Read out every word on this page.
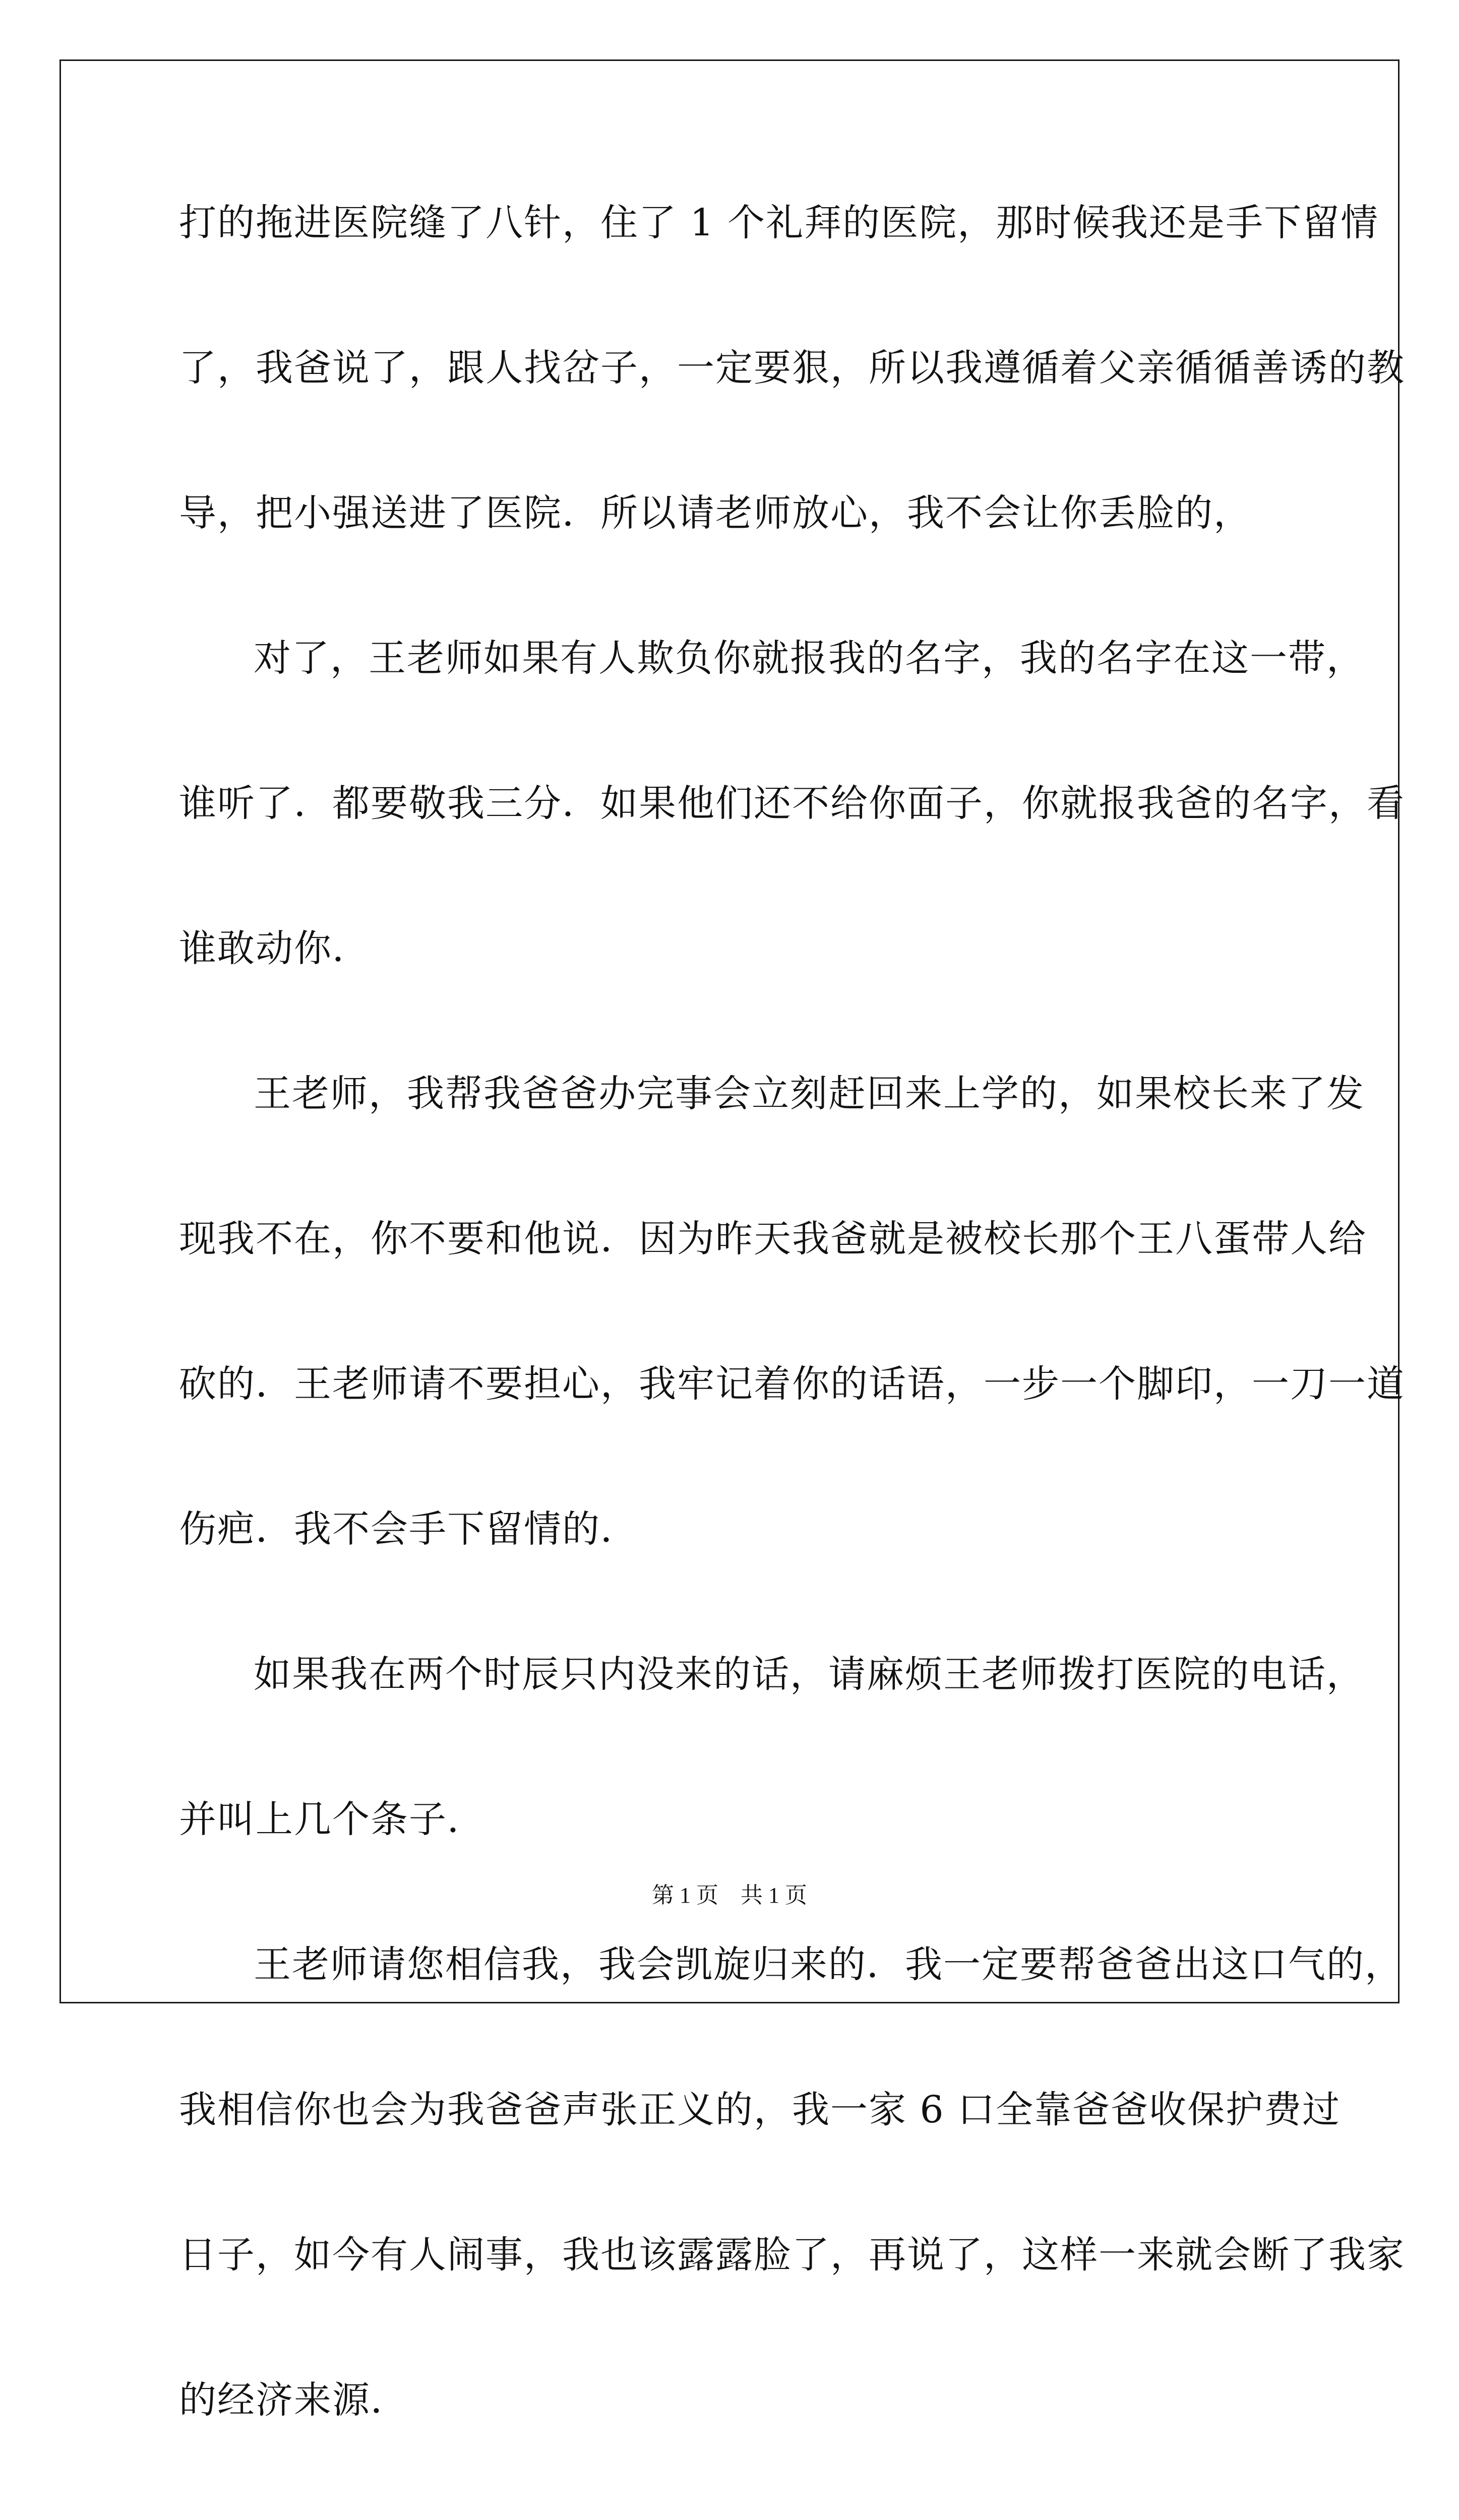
打的拖进医院缝了八针，住了 1 个礼拜的医院，那时候我还是手下留情
了，我爸说了，跟人找岔子，一定要狠，所以我遵循着父亲循循善诱的教
导，把小强送进了医院．所以请老师放心，我不会让你丢脸的，
对了，王老师如果有人欺负你就报我的名字，我的名字在这一带，
谁听了．都要敬我三分．如果他们还不给你面子，你就报我爸的名字，看
谁敢动你．
王老师，我帮我爸爸办完事会立刻赶回来上学的，如果校长来了发
现我不在，你不要和他说．因为昨天我爸就是被校长那个王八蛋带人给
砍的．王老师请不要担心，我牢记着你的话语，一步一个脚印，一刀一道
伤疤．我不会手下留情的．
如果我在两个时辰只内没来的话，请麻烦王老师拨打医院的电话，
并叫上几个条子．
王老师请您相信我，我会凯旋归来的．我一定要帮爸爸出这口气的，
我相信你也会为我爸爸声张正义的，我一家 6 口全靠爸爸收保护费过
日子，如今有人闹事，我也该露露脸了，再说了，这样一来就会断了我家
的经济来源．
第 1 页　共 1 页
